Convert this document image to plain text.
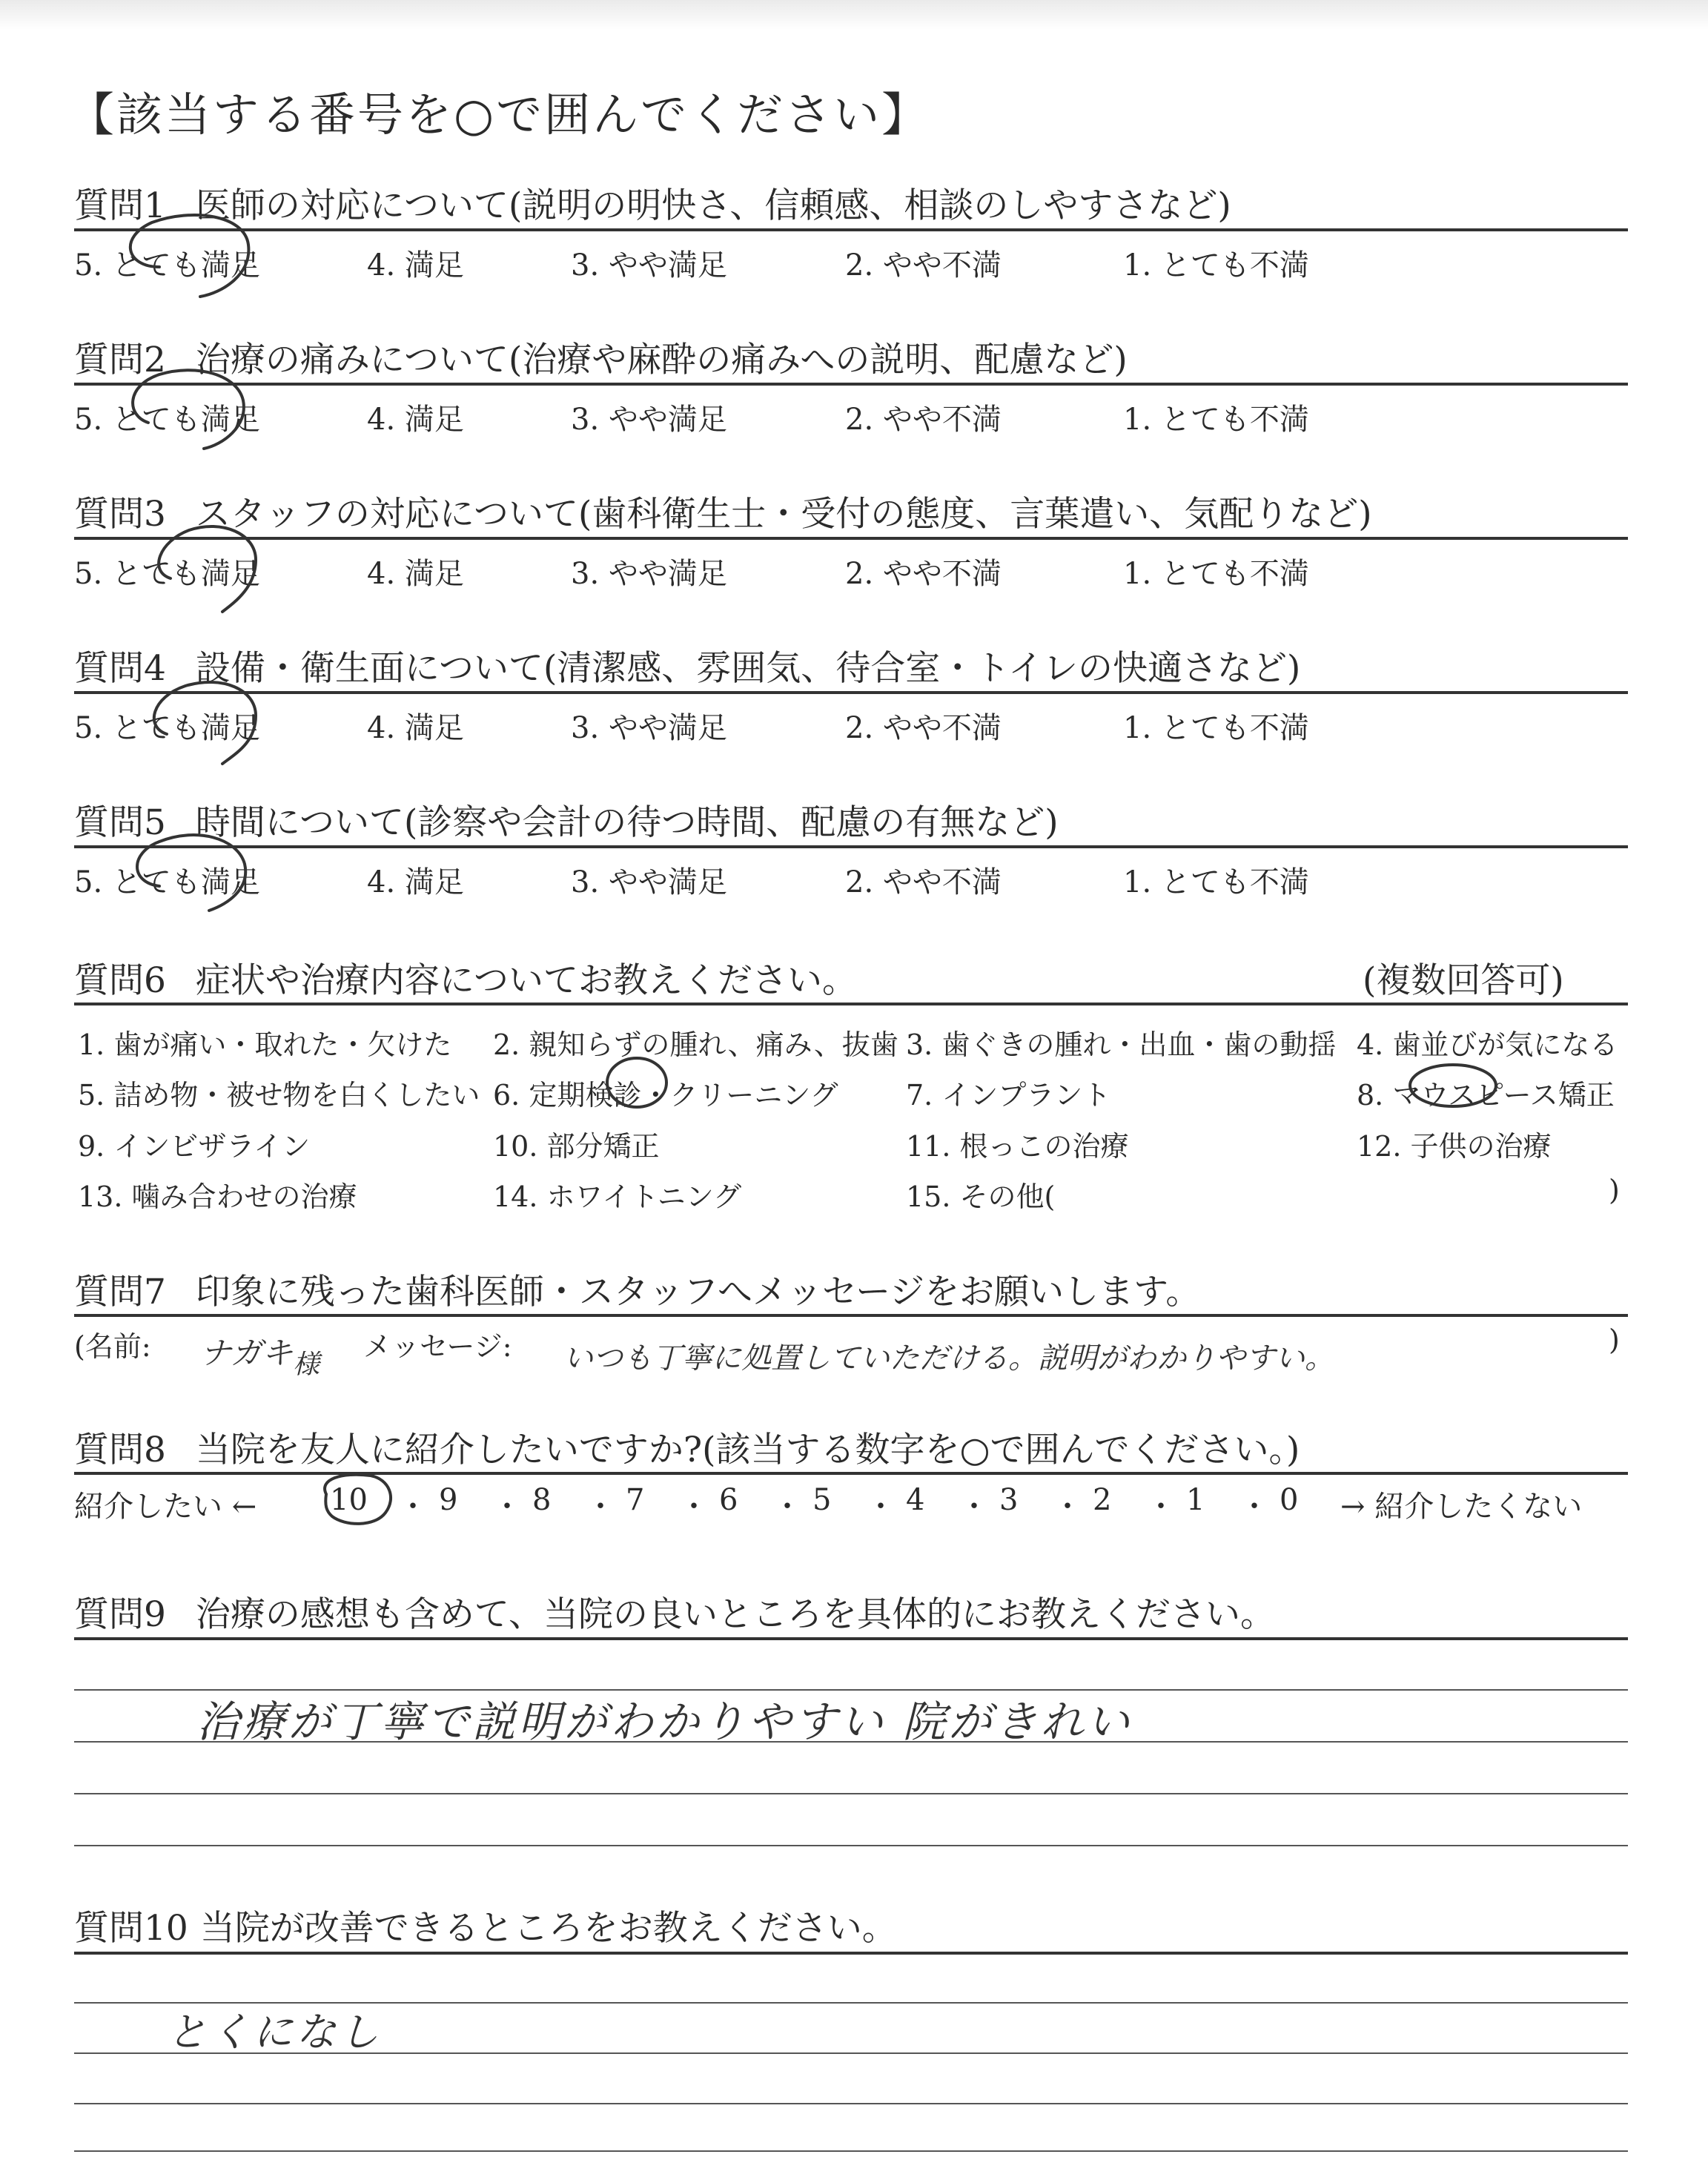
【該当する番号を○で囲んでください】
質問1 医師の対応について(説明の明快さ、信頼感、相談のしやすさなど)
5. とても満足	4. 満足	3. やや満足	2. やや不満	1. とても不満
質問2 治療の痛みについて(治療や麻酔の痛みへの説明、配慮など)
5. とても満足	4. 満足	3. やや満足	2. やや不満	1. とても不満
質問3 スタッフの対応について(歯科衛生士・受付の態度、言葉遣い、気配りなど)
5. とても満足	4. 満足	3. やや満足	2. やや不満	1. とても不満
質問4 設備・衛生面について(清潔感、雰囲気、待合室・トイレの快適さなど)
5. とても満足	4. 満足	3. やや満足	2. やや不満	1. とても不満
質問5 時間について(診察や会計の待つ時間、配慮の有無など)
5. とても満足	4. 満足	3. やや満足	2. やや不満	1. とても不満
質問6 症状や治療内容についてお教えください。	(複数回答可)
1. 歯が痛い・取れた・欠けた 2. 親知らずの腫れ、痛み、抜歯 3. 歯ぐきの腫れ・出血・歯の動揺 4. 歯並びが気になる
5. 詰め物・被せ物を白くしたい 6. 定期検診・クリーニング 7. インプラント	8. マウスピース矯正
9. インビザライン	10. 部分矯正	11. 根っこの治療	12. 子供の治療
13. 噛み合わせの治療	14. ホワイトニング	15. その他(	)
質問7 印象に残った歯科医師・スタッフへメッセージをお願いします。
(名前: ナガキ 様
メッセージ: いつも丁寧に処置していただける。説明がわかりやすい。
)
質問8 当院を友人に紹介したいですか?(該当する数字を○で囲んでください。)
紹介したい ← 10 ・ 9 ・ 8 ・ 7 ・ 6 ・ 5 ・ 4 ・ 3 ・ 2 ・ 1 ・ 0 → 紹介したくない
質問9 治療の感想も含めて、当院の良いところを具体的にお教えください。
治療が丁寧で説明がわかりやすい 院がきれい
質問10 当院が改善できるところをお教えください。
とくになし
